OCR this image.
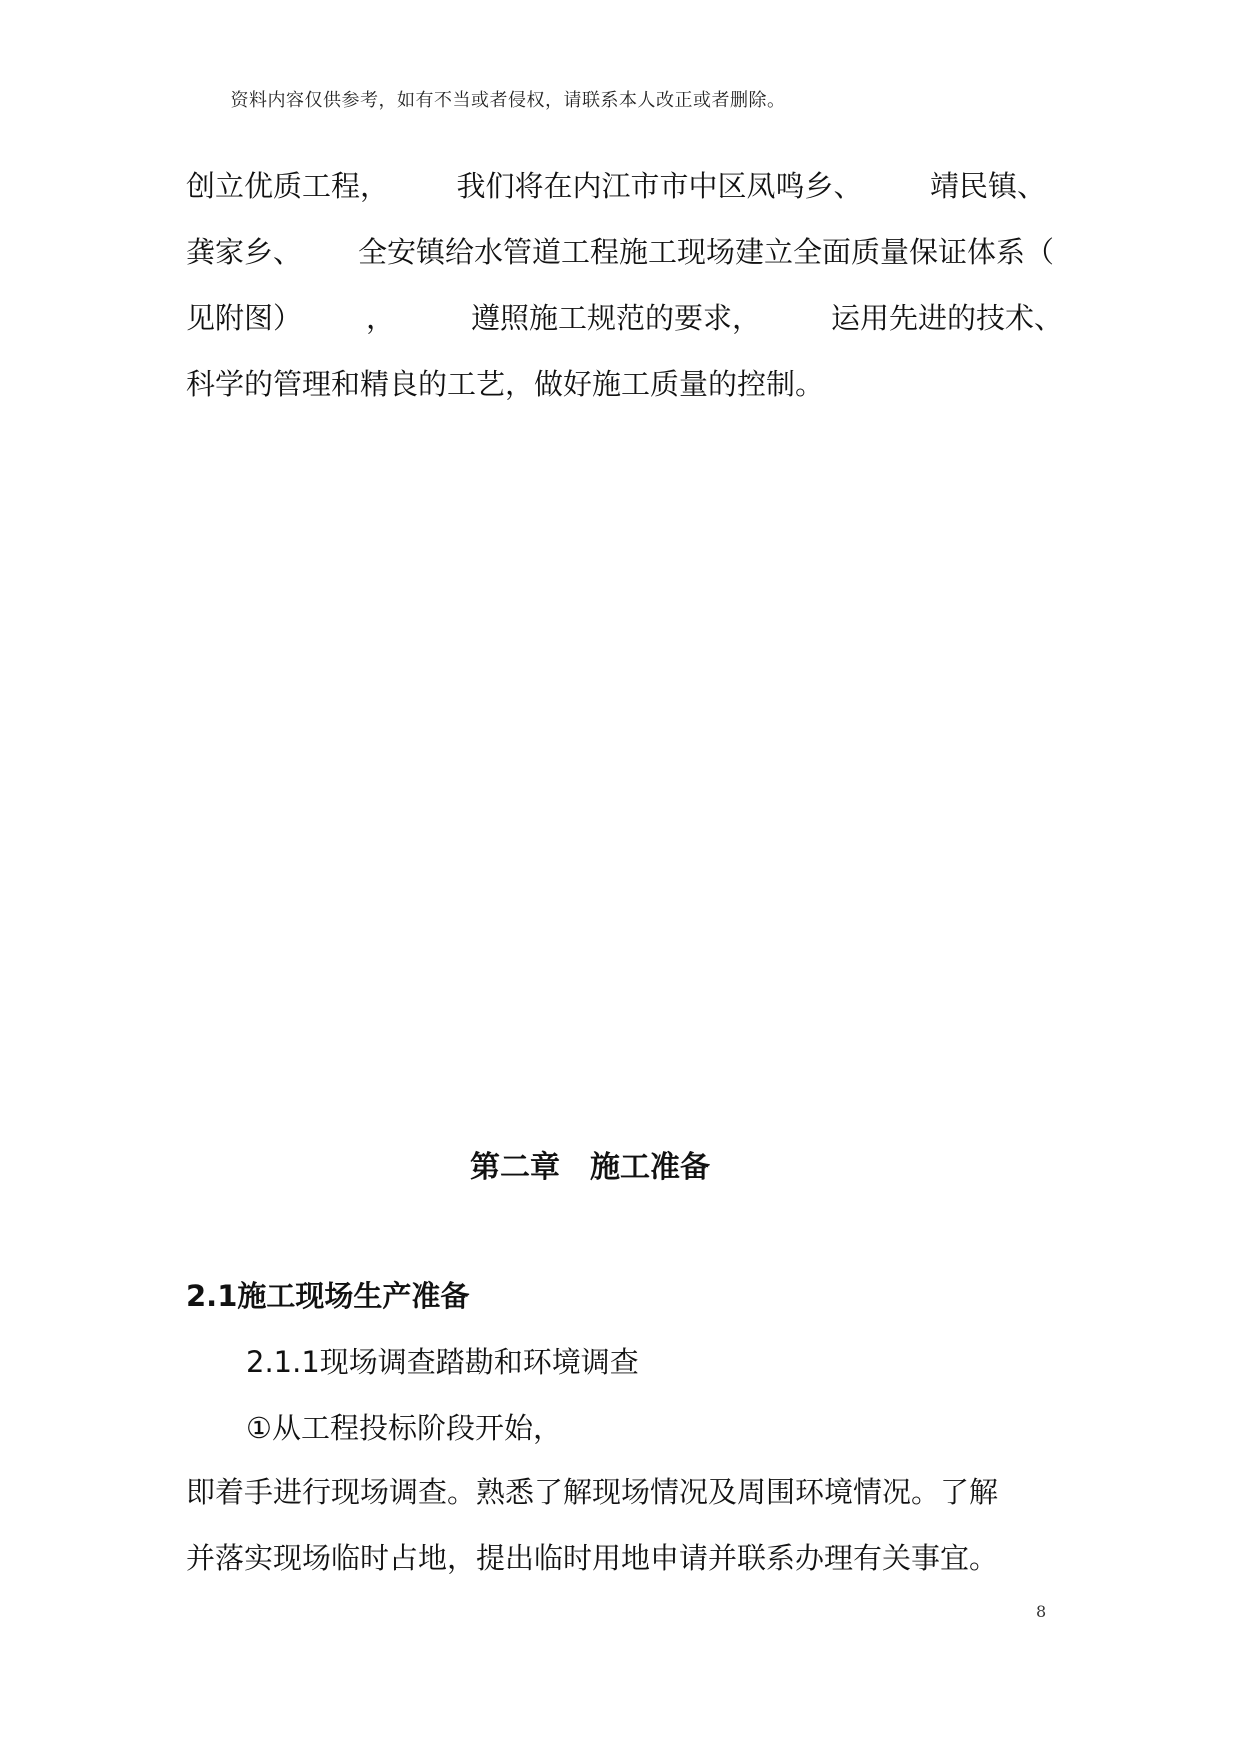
资料内容仅供参考，如有不当或者侵权，请联系本人改正或者删除。
创立优质工程， 我们将在内江市市中区凤鸣乡、 靖民镇、
龚家乡、 全安镇给水管道工程施工现场建立全面质量保证体系（
见附图） ，	遵照施工规范的要求， 运用先进的技术、
科学的管理和精良的工艺，做好施工质量的控制。
第二章　施工准备
2.1施工现场生产准备
2.1.1现场调查踏勘和环境调查
①从工程投标阶段开始，
即着手进行现场调查。熟悉了解现场情况及周围环境情况。了解
并落实现场临时占地，提出临时用地申请并联系办理有关事宜。
8
